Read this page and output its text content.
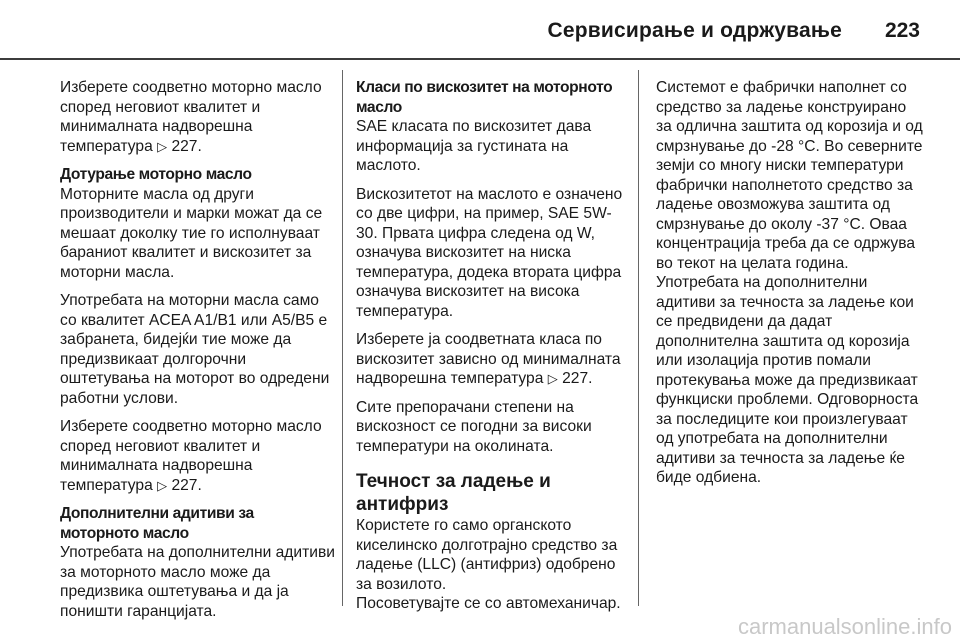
Сервисирање и одржување 223

Изберете соодветно моторно масло според неговиот квалитет и минималната надворешна температура ▷ 227.

Дотурање моторно масло

Моторните масла од други производители и марки можат да се мешаат доколку тие го исполнуваат бараниот квалитет и вискозитет за моторни масла.

Употребата на моторни масла само со квалитет ACEA A1/B1 или A5/B5 е забранета, бидејќи тие може да предизвикаат долгорочни оштетувања на моторот во одредени работни услови.

Изберете соодветно моторно масло според неговиот квалитет и минималната надворешна температура ▷ 227.

Дополнителни адитиви за моторното масло

Употребата на дополнителни адитиви за моторното масло може да предизвика оштетувања и да ја поништи гаранцијата.

Класи по вискозитет на моторното масло

SAE класата по вискозитет дава информација за густината на маслото.

Вискозитетот на маслото е означено со две цифри, на пример, SAE 5W-30. Првата цифра следена од W, означува вискозитет на ниска температура, додека втората цифра означува вискозитет на висока температура.

Изберете ја соодветната класа по вискозитет зависно од минималната надворешна температура ▷ 227.

Сите препорачани степени на вискозност се погодни за високи температури на околината.

Течност за ладење и антифриз

Користете го само органското киселинско долготрајно средство за ладење (LLC) (антифриз) одобрено за возилото.

Посоветувајте се со автомеханичар.

Системот е фабрички наполнет со средство за ладење конструирано за одлична заштита од корозија и од смрзнување до -28 °C. Во северните земји со многу ниски температури фабрички наполнетото средство за ладење овозможува заштита од смрзнување до околу -37 °C. Оваа концентрација треба да се одржува во текот на целата година.

Употребата на дополнителни адитиви за течноста за ладење кои се предвидени да дадат дополнителна заштита од корозија или изолација против помали протекувања може да предизвикаат функциски проблеми. Одговорноста за последиците кои произлегуваат од употребата на дополнителни адитиви за течноста за ладење ќе биде одбиена.

carmanualsonline.info
